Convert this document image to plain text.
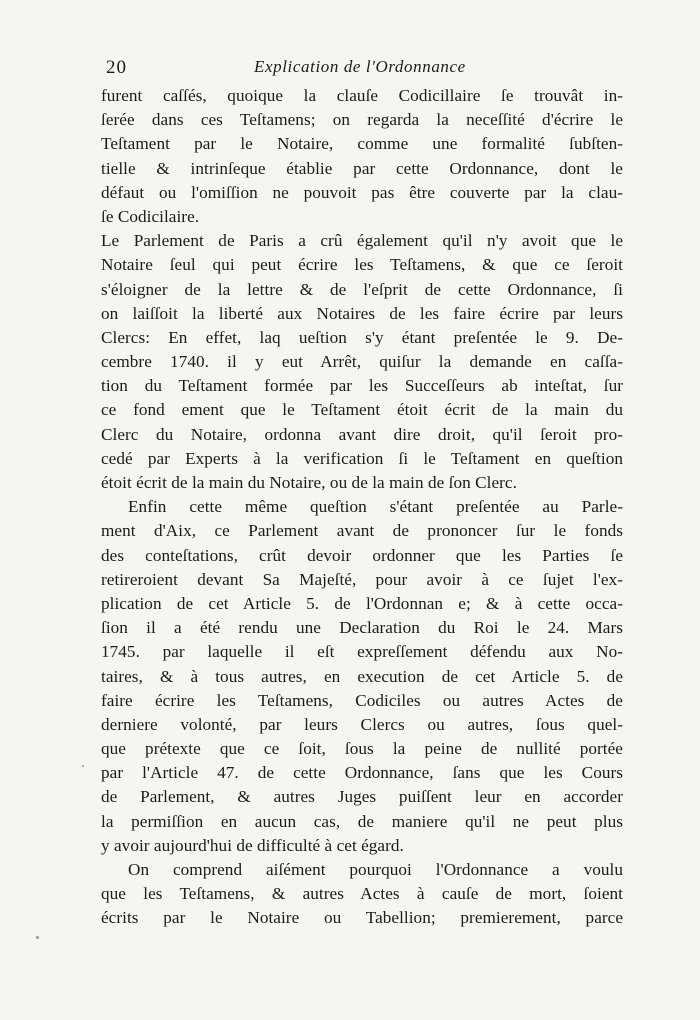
20	Explication de l'Ordonnance
furent caſſés, quoique la clauſe Codicillaire ſe trouvât in-
ſerée dans ces Teſtamens; on regarda la neceſſité d'écrire le
Teſtament par le Notaire, comme une formalité ſubſten-
tielle & intrinſeque établie par cette Ordonnance, dont le
défaut ou l'omiſſion ne pouvoit pas être couverte par la clau-
ſe Codicilaire.
Le Parlement de Paris a crû également qu'il n'y avoit que le
Notaire ſeul qui peut écrire les Teſtamens, & que ce ſeroit
s'éloigner de la lettre & de l'eſprit de cette Ordonnance, ſi
on laiſſoit la liberté aux Notaires de les faire écrire par leurs
Clercs: En effet, laq ueſtion s'y étant preſentée le 9. De-
cembre 1740. il y eut Arrêt, quiſur la demande en caſſa-
tion du Teſtament formée par les Succeſſeurs ab inteſtat, ſur
ce fond ement que le Teſtament étoit écrit de la main du
Clerc du Notaire, ordonna avant dire droit, qu'il ſeroit pro-
cedé par Experts à la verification ſi le Teſtament en queſtion
étoit écrit de la main du Notaire, ou de la main de ſon Clerc.
Enfin cette même queſtion s'étant preſentée au Parle-
ment d'Aix, ce Parlement avant de prononcer ſur le fonds
des conteſtations, crût devoir ordonner que les Parties ſe
retireroient devant Sa Majeſté, pour avoir à ce ſujet l'ex-
plication de cet Article 5. de l'Ordonnan e; & à cette occa-
ſion il a été rendu une Declaration du Roi le 24. Mars
1745. par laquelle il eſt expreſſement défendu aux No-
taires, & à tous autres, en execution de cet Article 5. de
faire écrire les Teſtamens, Codiciles ou autres Actes de
derniere volonté, par leurs Clercs ou autres, ſous quel-
que prétexte que ce ſoit, ſous la peine de nullité portée
par l'Article 47. de cette Ordonnance, ſans que les Cours
de Parlement, & autres Juges puiſſent leur en accorder
la permiſſion en aucun cas, de maniere qu'il ne peut plus
y avoir aujourd'hui de difficulté à cet égard.
On comprend aiſément pourquoi l'Ordonnance a voulu
que les Teſtamens, & autres Actes à cauſe de mort, ſoient
écrits par le Notaire ou Tabellion; premierement, parce
